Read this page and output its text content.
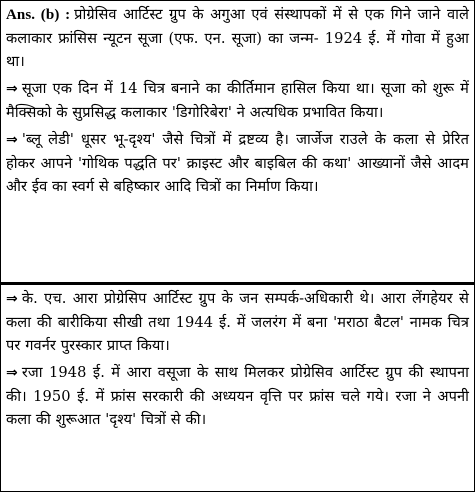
Ans. (b) : प्रोग्रेसिव आर्टिस्ट ग्रुप के अगुआ एवं संस्थापकों में से एक गिने जाने वाले कलाकार फ्रांसिस न्यूटन सूजा (एफ. एन. सूजा) का जन्म- 1924 ई. में गोवा में हुआ था।

⇒ सूजा एक दिन में 14 चित्र बनाने का कीर्तिमान हासिल किया था। सूजा को शुरू में मैक्सिको के सुप्रसिद्ध कलाकार 'डिगोरिबेरा' ने अत्यधिक प्रभावित किया।

⇒ 'ब्लू लेडी' धूसर भू-दृश्य' जैसे चित्रों में द्रष्टव्य है। जार्जेज राउले के कला से प्रेरित होकर आपने 'गोथिक पद्धति पर' क्राइस्ट और बाइबिल की कथा' आख्यानों जैसे आदम और ईव का स्वर्ग से बहिष्कार आदि चित्रों का निर्माण किया।

⇒ के. एच. आरा प्रोग्रेसिप आर्टिस्ट ग्रुप के जन सम्पर्क-अधिकारी थे। आरा लेंगहेयर से कला की बारीकिया सीखी तथा 1944 ई. में जलरंग में बना 'मराठा बैटल' नामक चित्र पर गवर्नर पुरस्कार प्राप्त किया।

⇒ रजा 1948 ई. में आरा वसूजा के साथ मिलकर प्रोग्रेसिव आर्टिस्ट ग्रुप की स्थापना की। 1950 ई. में फ्रांस सरकारी की अध्ययन वृत्ति पर फ्रांस चले गये। रजा ने अपनी कला की शुरूआत 'दृश्य' चित्रों से की।
